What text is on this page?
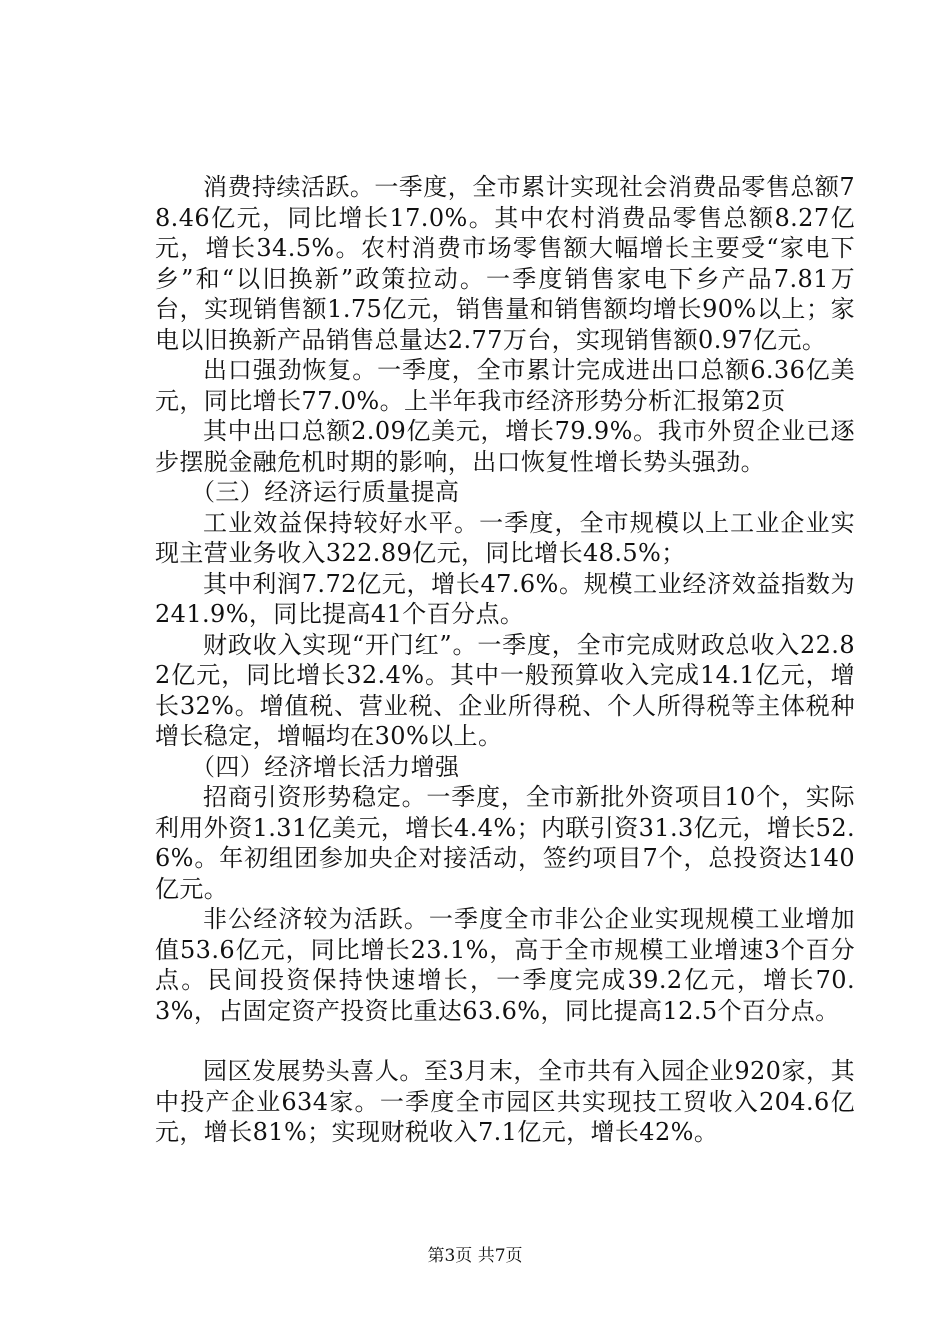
消费持续活跃。一季度，全市累计实现社会消费品零售总额78.46亿元，同比增长17.0%。其中农村消费品零售总额8.27亿元，增长34.5%。农村消费市场零售额大幅增长主要受“家电下乡”和“以旧换新”政策拉动。一季度销售家电下乡产品7.81万台，实现销售额1.75亿元，销售量和销售额均增长90%以上；家电以旧换新产品销售总量达2.77万台，实现销售额0.97亿元。

出口强劲恢复。一季度，全市累计完成进出口总额6.36亿美元，同比增长77.0%。上半年我市经济形势分析汇报第2页

其中出口总额2.09亿美元，增长79.9%。我市外贸企业已逐步摆脱金融危机时期的影响，出口恢复性增长势头强劲。

（三）经济运行质量提高

工业效益保持较好水平。一季度，全市规模以上工业企业实现主营业务收入322.89亿元，同比增长48.5%；

其中利润7.72亿元，增长47.6%。规模工业经济效益指数为241.9%，同比提高41个百分点。

财政收入实现“开门红”。一季度，全市完成财政总收入22.82亿元，同比增长32.4%。其中一般预算收入完成14.1亿元，增长32%。增值税、营业税、企业所得税、个人所得税等主体税种增长稳定，增幅均在30%以上。

（四）经济增长活力增强

招商引资形势稳定。一季度，全市新批外资项目10个，实际利用外资1.31亿美元，增长4.4%；内联引资31.3亿元，增长52.6%。年初组团参加央企对接活动，签约项目7个，总投资达140亿元。

非公经济较为活跃。一季度全市非公企业实现规模工业增加值53.6亿元，同比增长23.1%，高于全市规模工业增速3个百分点。民间投资保持快速增长，一季度完成39.2亿元，增长70.3%，占固定资产投资比重达63.6%，同比提高12.5个百分点。

园区发展势头喜人。至3月末，全市共有入园企业920家，其中投产企业634家。一季度全市园区共实现技工贸收入204.6亿元，增长81%；实现财税收入7.1亿元，增长42%。

第3页 共7页
